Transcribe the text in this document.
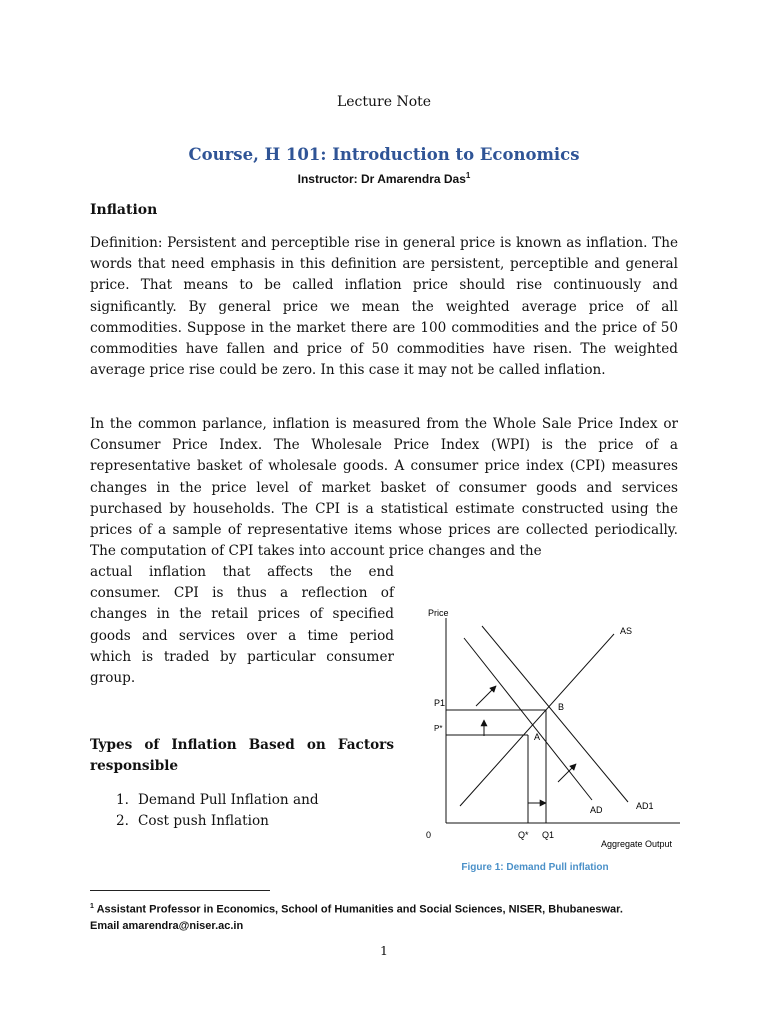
Lecture Note
Course, H 101: Introduction to Economics
Instructor: Dr Amarendra Das$^1$
Inflation
Definition: Persistent and perceptible rise in general price is known as inflation. The words that need emphasis in this definition are persistent, perceptible and general price. That means to be called inflation price should rise continuously and significantly. By general price we mean the weighted average price of all commodities. Suppose in the market there are 100 commodities and the price of 50 commodities have fallen and price of 50 commodities have risen. The weighted average price rise could be zero. In this case it may not be called inflation.
In the common parlance, inflation is measured from the Whole Sale Price Index or Consumer Price Index. The Wholesale Price Index (WPI) is the price of a representative basket of wholesale goods. A consumer price index (CPI) measures changes in the price level of market basket of consumer goods and services purchased by households. The CPI is a statistical estimate constructed using the prices of a sample of representative items whose prices are collected periodically. The computation of CPI takes into account price changes and the
actual inflation that affects the end consumer. CPI is thus a reflection of changes in the retail prices of specified goods and services over a time period which is traded by particular consumer group.
Types of Inflation Based on Factors responsible
1. Demand Pull Inflation and
2. Cost push Inflation
Price
Aggregate Output
0
AS
AD	AD1
B
A
P1
P*
Q* Q1
Figure 1: Demand Pull inflation
$^1$ Assistant Professor in Economics, School of Humanities and Social Sciences, NISER, Bhubaneswar. Email amarendra@niser.ac.in
1
